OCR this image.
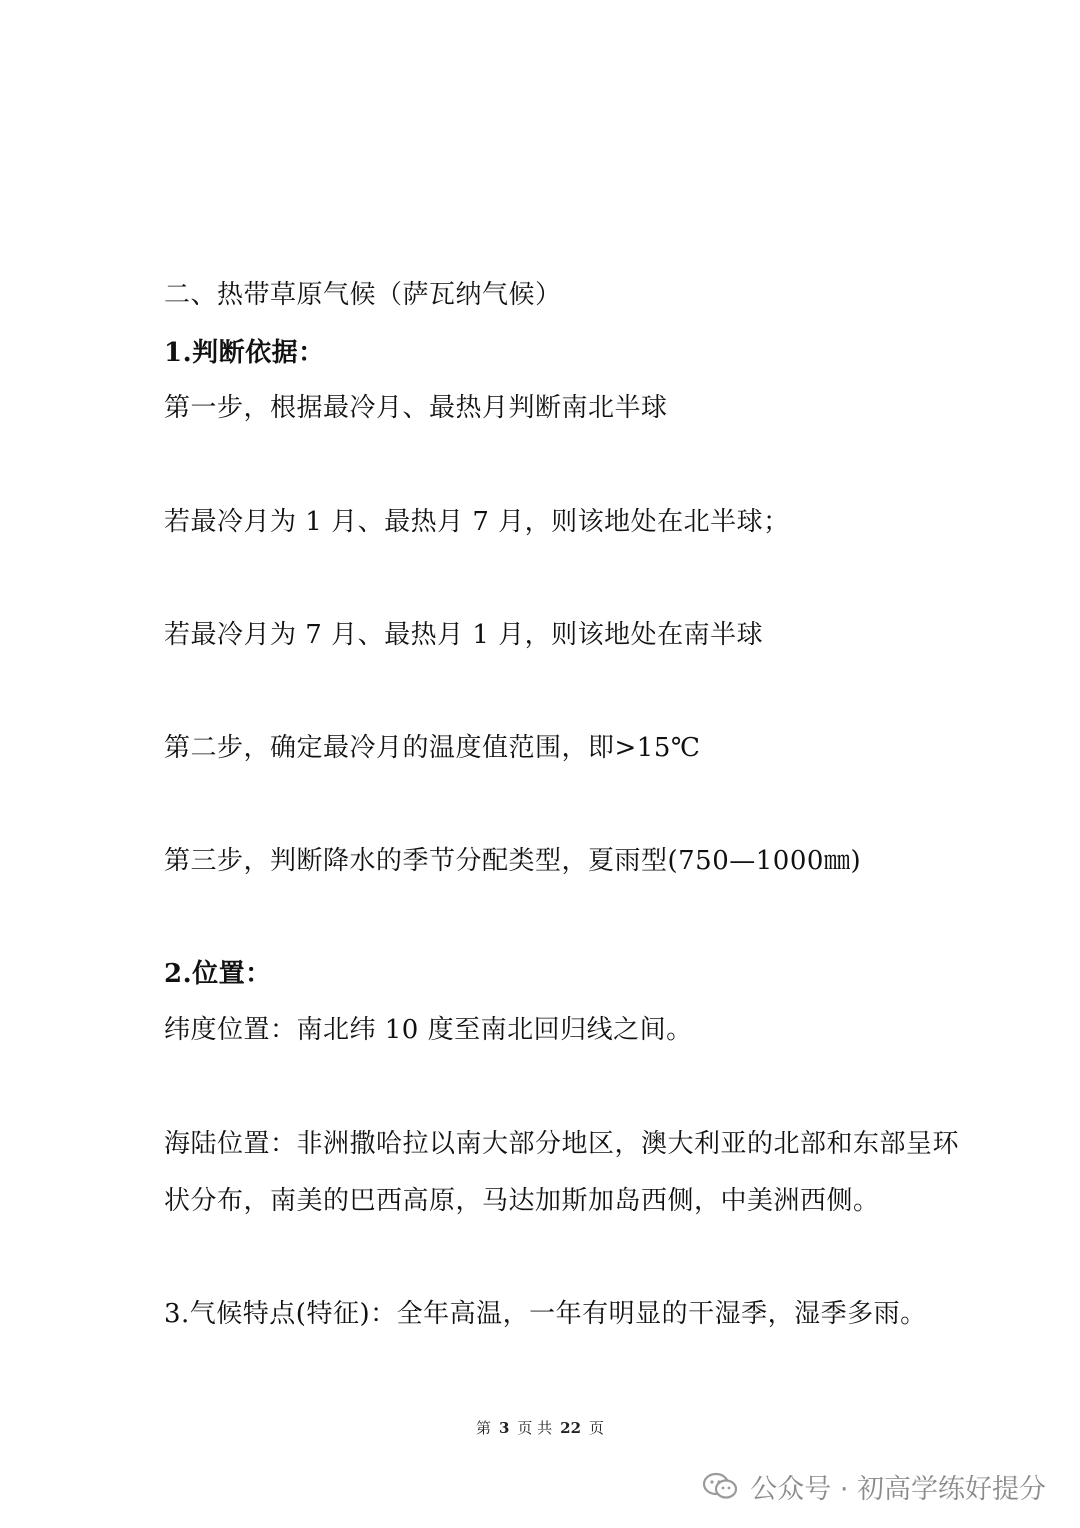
二、热带草原气候（萨瓦纳气候）
1.判断依据：
第一步，根据最冷月、最热月判断南北半球
若最冷月为 1 月、最热月 7 月，则该地处在北半球；
若最冷月为 7 月、最热月 1 月，则该地处在南半球
第二步，确定最冷月的温度值范围，即>15℃
第三步，判断降水的季节分配类型，夏雨型(750—1000㎜)
2.位置：
纬度位置：南北纬 10 度至南北回归线之间。
海陆位置：非洲撒哈拉以南大部分地区，澳大利亚的北部和东部呈环
状分布，南美的巴西高原，马达加斯加岛西侧，中美洲西侧。
3.气候特点(特征)：全年高温，一年有明显的干湿季，湿季多雨。
第 3 页 共 22 页
公众号 · 初高学练好提分
